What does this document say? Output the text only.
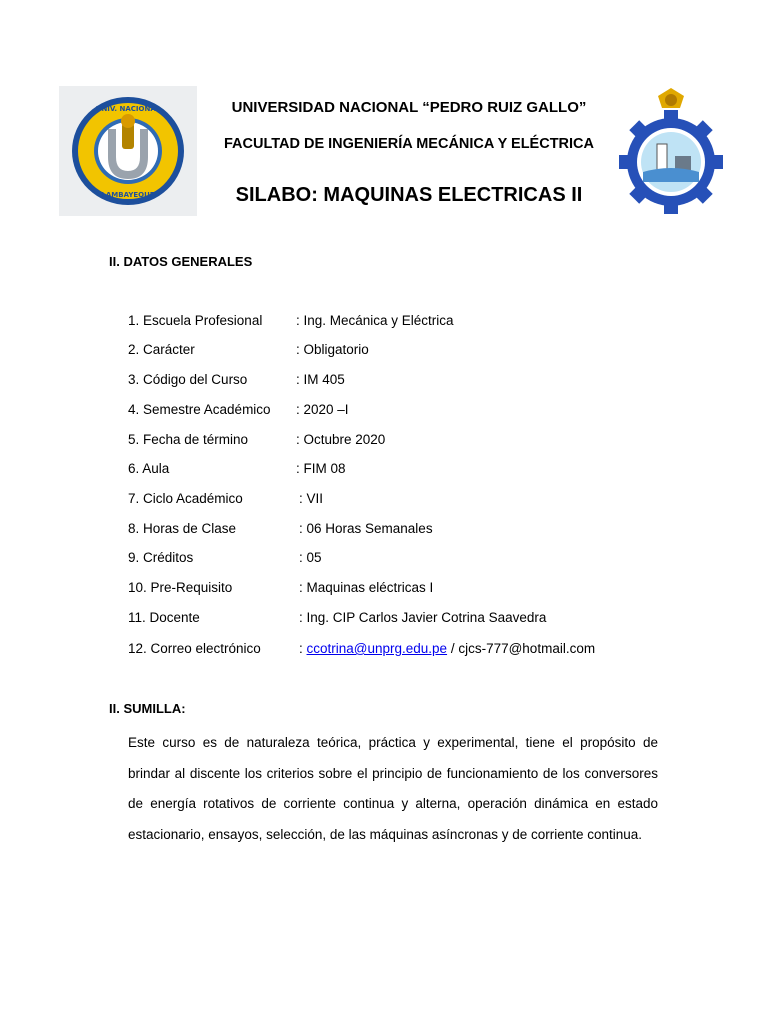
UNIV. NACIONAL
LAMBAYEQUE
UNIVERSIDAD NACIONAL “PEDRO RUIZ GALLO”
FACULTAD DE INGENIERÍA MECÁNICA Y ELÉCTRICA
SILABO: MAQUINAS ELECTRICAS II
II. DATOS GENERALES
1. Escuela Profesional : Ing. Mecánica y Eléctrica
2. Carácter	: Obligatorio
3. Código del Curso	: IM 405
4. Semestre Académico : 2020 –I
5. Fecha de término	: Octubre 2020
6. Aula	: FIM 08
7. Ciclo Académico	: VII
8. Horas de Clase	: 06 Horas Semanales
9. Créditos	: 05
10. Pre-Requisito	: Maquinas eléctricas I
11. Docente	: Ing. CIP Carlos Javier Cotrina Saavedra
12. Correo electrónico	: ccotrina@unprg.edu.pe / cjcs-777@hotmail.com
II. SUMILLA:

Este curso es de naturaleza teórica, práctica y experimental, tiene el propósito de brindar al discente los criterios sobre el principio de funcionamiento de los conversores de energía rotativos de corriente continua y alterna, operación dinámica en estado estacionario, ensayos, selección, de las máquinas asíncronas y de corriente continua.
